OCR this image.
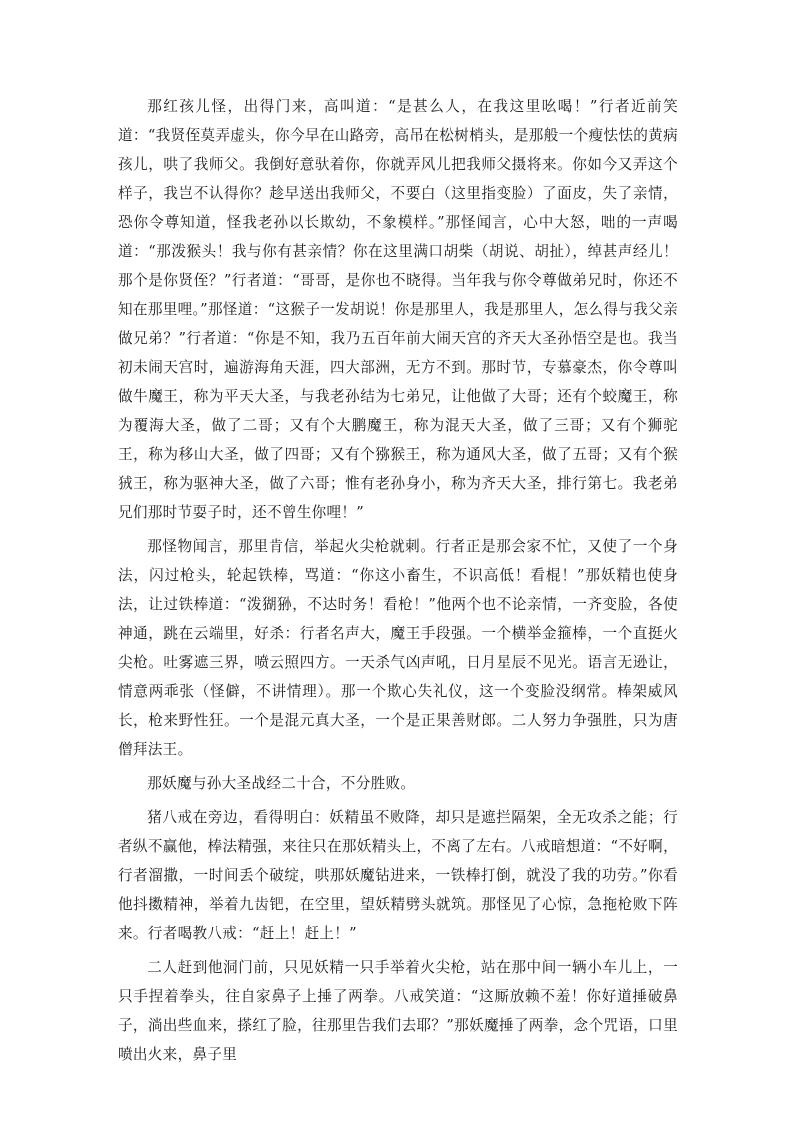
那红孩儿怪，出得门来，高叫道：“是甚么人，在我这里吆喝！”行者近前笑道：“我贤侄莫弄虚头，你今早在山路旁，高吊在松树梢头，是那般一个瘦怯怯的黄病孩儿，哄了我师父。我倒好意驮着你，你就弄风儿把我师父摄将来。你如今又弄这个样子，我岂不认得你？趁早送出我师父，不要白（这里指变脸）了面皮，失了亲情，恐你令尊知道，怪我老孙以长欺幼，不象模样。”那怪闻言，心中大怒，咄的一声喝道：“那泼猴头！我与你有甚亲情？你在这里满口胡柴（胡说、胡扯），绰甚声经儿！那个是你贤侄？”行者道：“哥哥，是你也不晓得。当年我与你令尊做弟兄时，你还不知在那里哩。”那怪道：“这猴子一发胡说！你是那里人，我是那里人，怎么得与我父亲做兄弟？”行者道：“你是不知，我乃五百年前大闹天宫的齐天大圣孙悟空是也。我当初未闹天宫时，遍游海角天涯，四大部洲，无方不到。那时节，专慕豪杰，你令尊叫做牛魔王，称为平天大圣，与我老孙结为七弟兄，让他做了大哥；还有个蛟魔王，称为覆海大圣，做了二哥；又有个大鹏魔王，称为混天大圣，做了三哥；又有个狮驼王，称为移山大圣，做了四哥；又有个猕猴王，称为通风大圣，做了五哥；又有个猴狨王，称为驱神大圣，做了六哥；惟有老孙身小，称为齐天大圣，排行第七。我老弟兄们那时节耍子时，还不曾生你哩！”

那怪物闻言，那里肯信，举起火尖枪就刺。行者正是那会家不忙，又使了一个身法，闪过枪头，轮起铁棒，骂道：“你这小畜生，不识高低！看棍！”那妖精也使身法，让过铁棒道：“泼猢狲，不达时务！看枪！”他两个也不论亲情，一齐变脸，各使神通，跳在云端里，好杀：行者名声大，魔王手段强。一个横举金箍棒，一个直挺火尖枪。吐雾遮三界，喷云照四方。一天杀气凶声吼，日月星辰不见光。语言无逊让，情意两乖张（怪僻，不讲情理）。那一个欺心失礼仪，这一个变脸没纲常。棒架威风长，枪来野性狂。一个是混元真大圣，一个是正果善财郎。二人努力争强胜，只为唐僧拜法王。

那妖魔与孙大圣战经二十合，不分胜败。

猪八戒在旁边，看得明白：妖精虽不败降，却只是遮拦隔架，全无攻杀之能；行者纵不赢他，棒法精强，来往只在那妖精头上，不离了左右。八戒暗想道：“不好啊，行者溜撒，一时间丢个破绽，哄那妖魔钻进来，一铁棒打倒，就没了我的功劳。”你看他抖擞精神，举着九齿钯，在空里，望妖精劈头就筑。那怪见了心惊，急拖枪败下阵来。行者喝教八戒：“赶上！赶上！”

二人赶到他洞门前，只见妖精一只手举着火尖枪，站在那中间一辆小车儿上，一只手捏着拳头，往自家鼻子上捶了两拳。八戒笑道：“这厮放赖不羞！你好道捶破鼻子，淌出些血来，搽红了脸，往那里告我们去耶？”那妖魔捶了两拳，念个咒语，口里喷出火来，鼻子里
